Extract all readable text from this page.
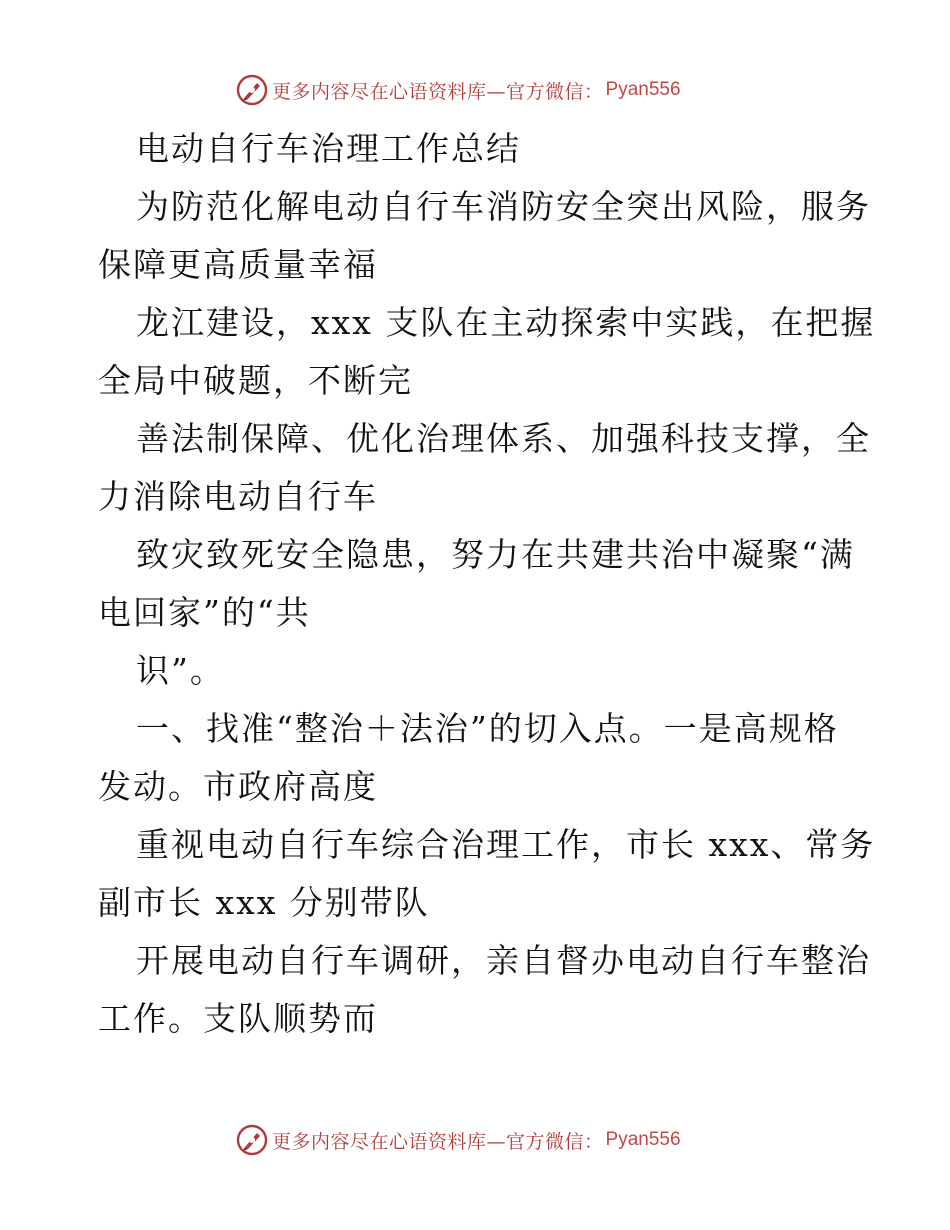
更多内容尽在心语资料库—官方微信： Pyan556
电动自行车治理工作总结
为防范化解电动自行车消防安全突出风险，服务
保障更高质量幸福
龙江建设，xxx 支队在主动探索中实践，在把握
全局中破题，不断完
善法制保障、优化治理体系、加强科技支撑，全
力消除电动自行车
致灾致死安全隐患，努力在共建共治中凝聚“满
电回家”的“共
识”。
一、找准“整治＋法治”的切入点。一是高规格
发动。市政府高度
重视电动自行车综合治理工作，市长 xxx、常务
副市长 xxx 分别带队
开展电动自行车调研，亲自督办电动自行车整治
工作。支队顺势而
更多内容尽在心语资料库—官方微信： Pyan556
